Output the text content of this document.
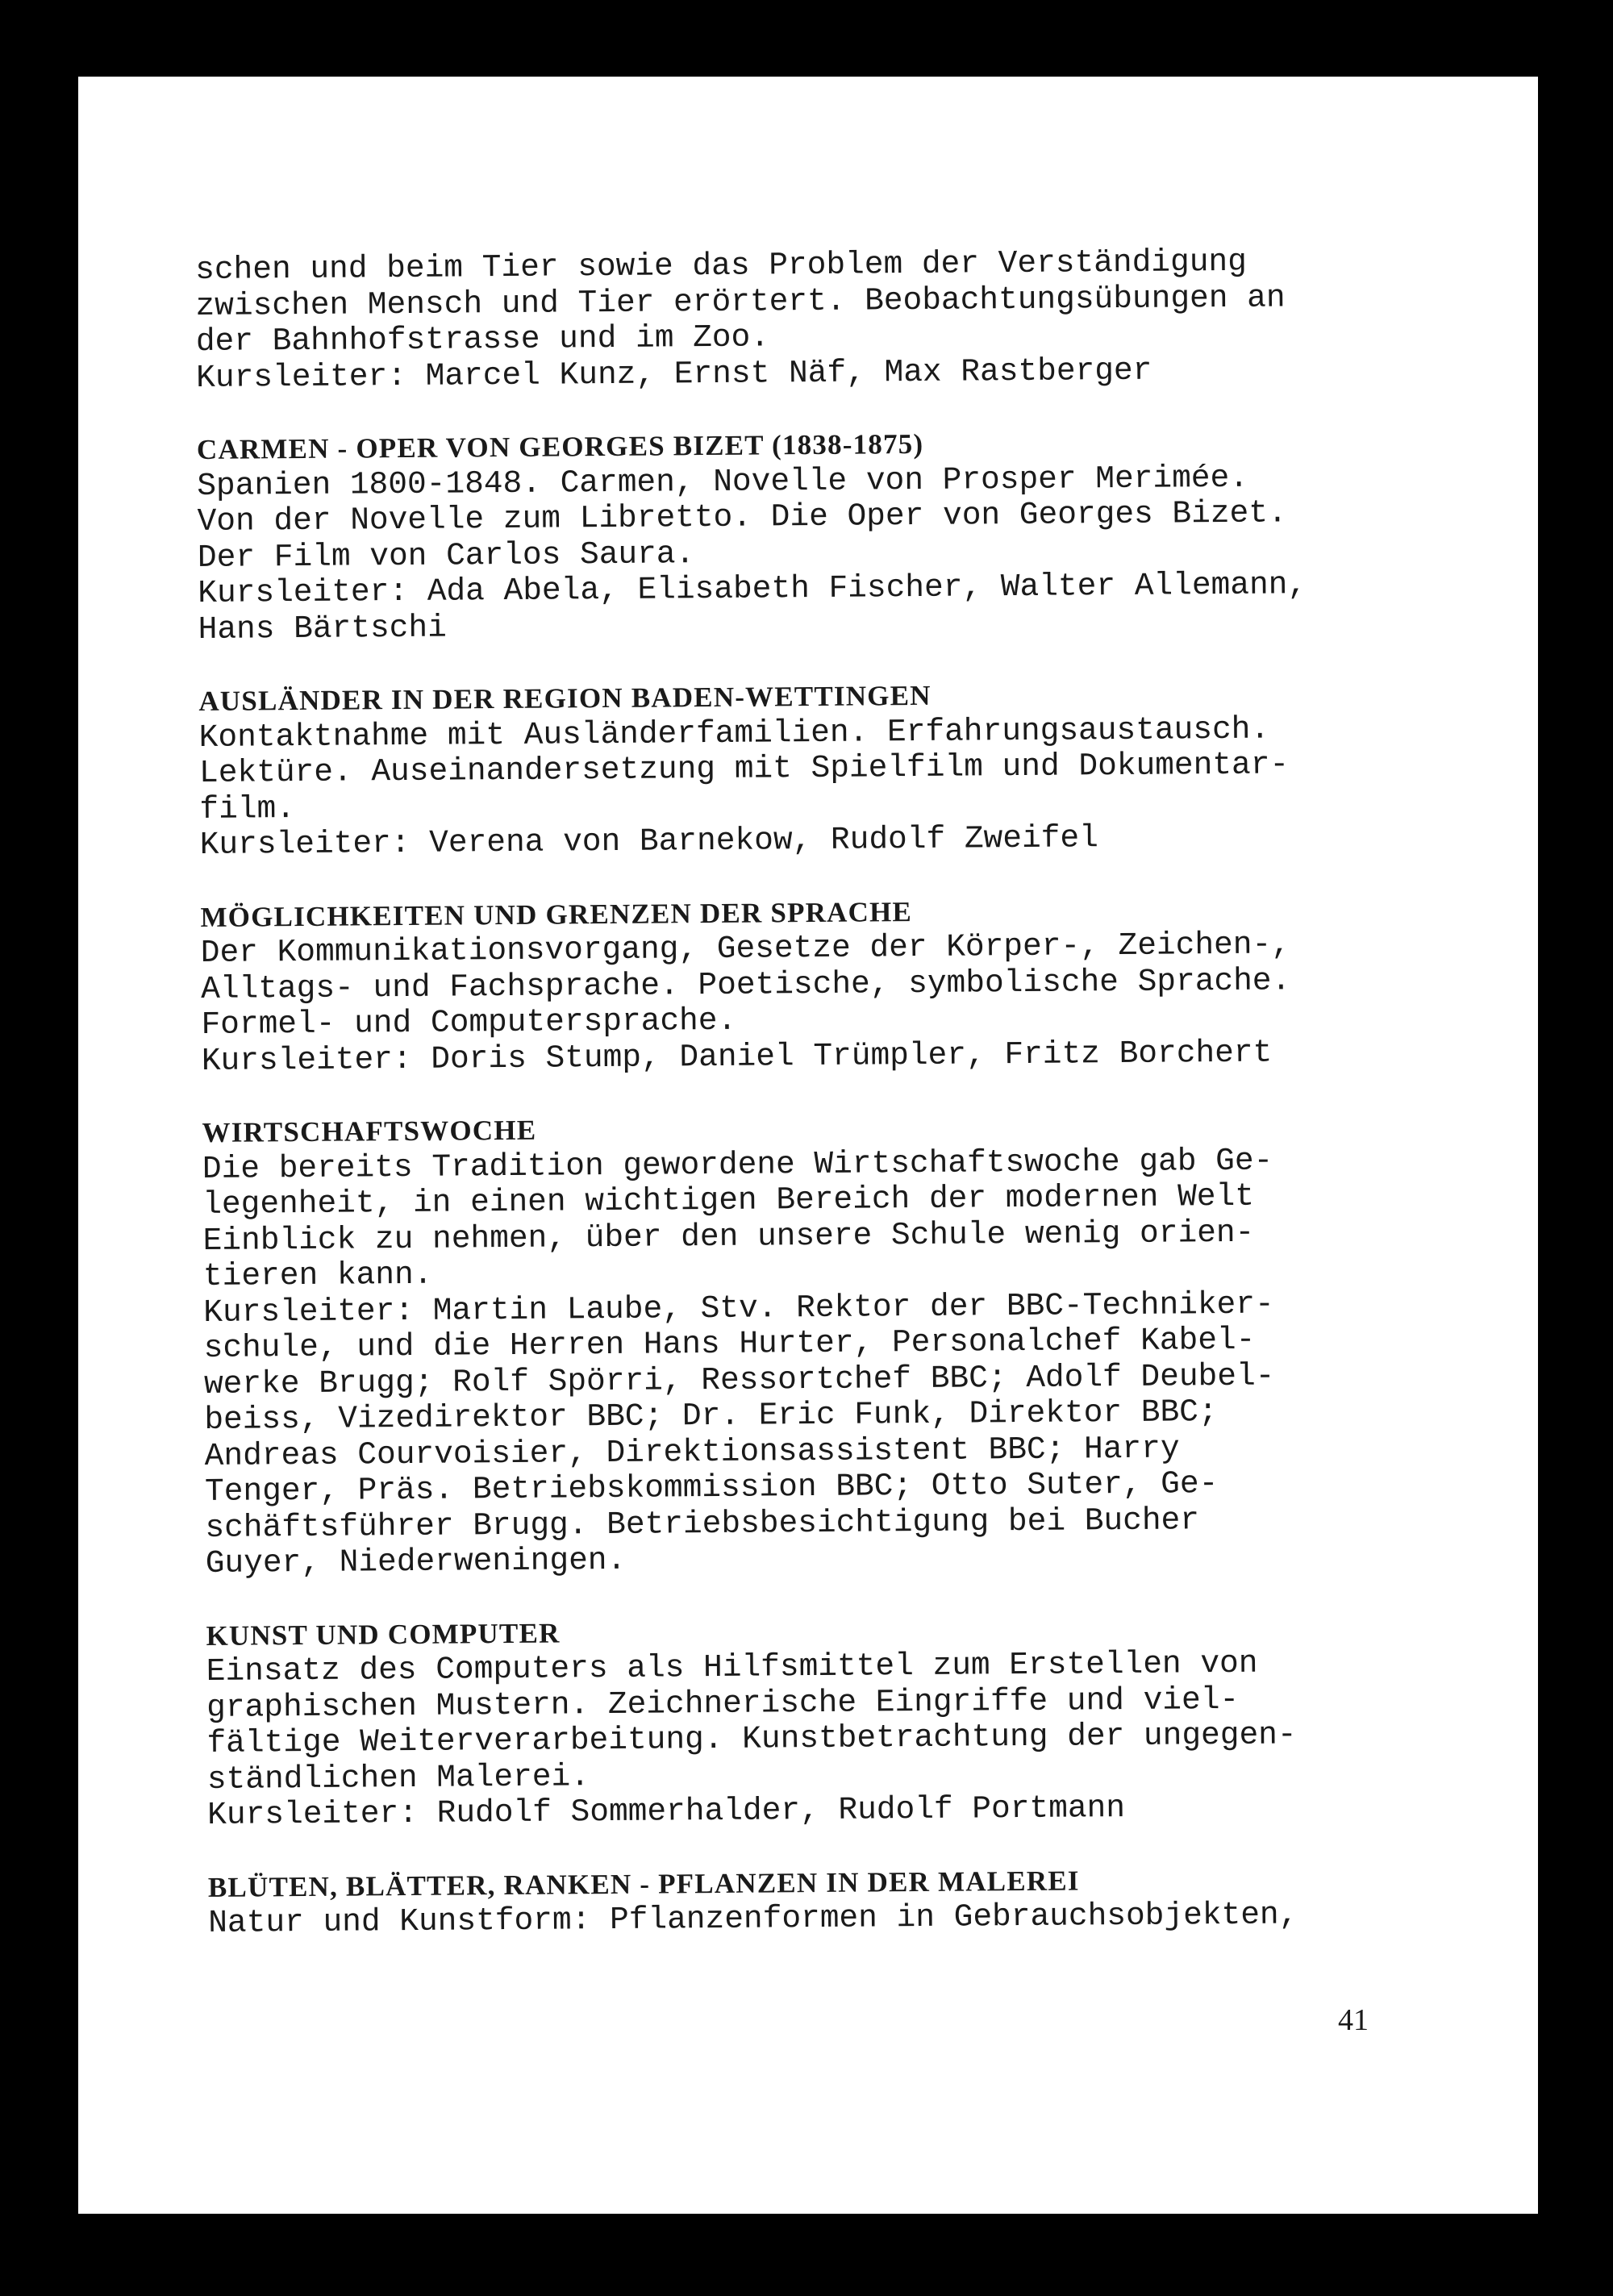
schen und beim Tier sowie das Problem der Verständigung
zwischen Mensch und Tier erörtert. Beobachtungsübungen an
der Bahnhofstrasse und im Zoo.
Kursleiter: Marcel Kunz, Ernst Näf, Max Rastberger
CARMEN - OPER VON GEORGES BIZET (1838-1875)
Spanien 1800-1848. Carmen, Novelle von Prosper Merimée.
Von der Novelle zum Libretto. Die Oper von Georges Bizet.
Der Film von Carlos Saura.
Kursleiter: Ada Abela, Elisabeth Fischer, Walter Allemann,
Hans Bärtschi
AUSLÄNDER IN DER REGION BADEN-WETTINGEN
Kontaktnahme mit Ausländerfamilien. Erfahrungsaustausch.
Lektüre. Auseinandersetzung mit Spielfilm und Dokumentar-
film.
Kursleiter: Verena von Barnekow, Rudolf Zweifel
MÖGLICHKEITEN UND GRENZEN DER SPRACHE
Der Kommunikationsvorgang, Gesetze der Körper-, Zeichen-,
Alltags- und Fachsprache. Poetische, symbolische Sprache.
Formel- und Computersprache.
Kursleiter: Doris Stump, Daniel Trümpler, Fritz Borchert
WIRTSCHAFTSWOCHE
Die bereits Tradition gewordene Wirtschaftswoche gab Ge-
legenheit, in einen wichtigen Bereich der modernen Welt
Einblick zu nehmen, über den unsere Schule wenig orien-
tieren kann.
Kursleiter: Martin Laube, Stv. Rektor der BBC-Techniker-
schule, und die Herren Hans Hurter, Personalchef Kabel-
werke Brugg; Rolf Spörri, Ressortchef BBC; Adolf Deubel-
beiss, Vizedirektor BBC; Dr. Eric Funk, Direktor BBC;
Andreas Courvoisier, Direktionsassistent BBC; Harry
Tenger, Präs. Betriebskommission BBC; Otto Suter, Ge-
schäftsführer Brugg. Betriebsbesichtigung bei Bucher
Guyer, Niederweningen.
KUNST UND COMPUTER
Einsatz des Computers als Hilfsmittel zum Erstellen von
graphischen Mustern. Zeichnerische Eingriffe und viel-
fältige Weiterverarbeitung. Kunstbetrachtung der ungegen-
ständlichen Malerei.
Kursleiter: Rudolf Sommerhalder, Rudolf Portmann
BLÜTEN, BLÄTTER, RANKEN - PFLANZEN IN DER MALEREI
Natur und Kunstform: Pflanzenformen in Gebrauchsobjekten,
41
